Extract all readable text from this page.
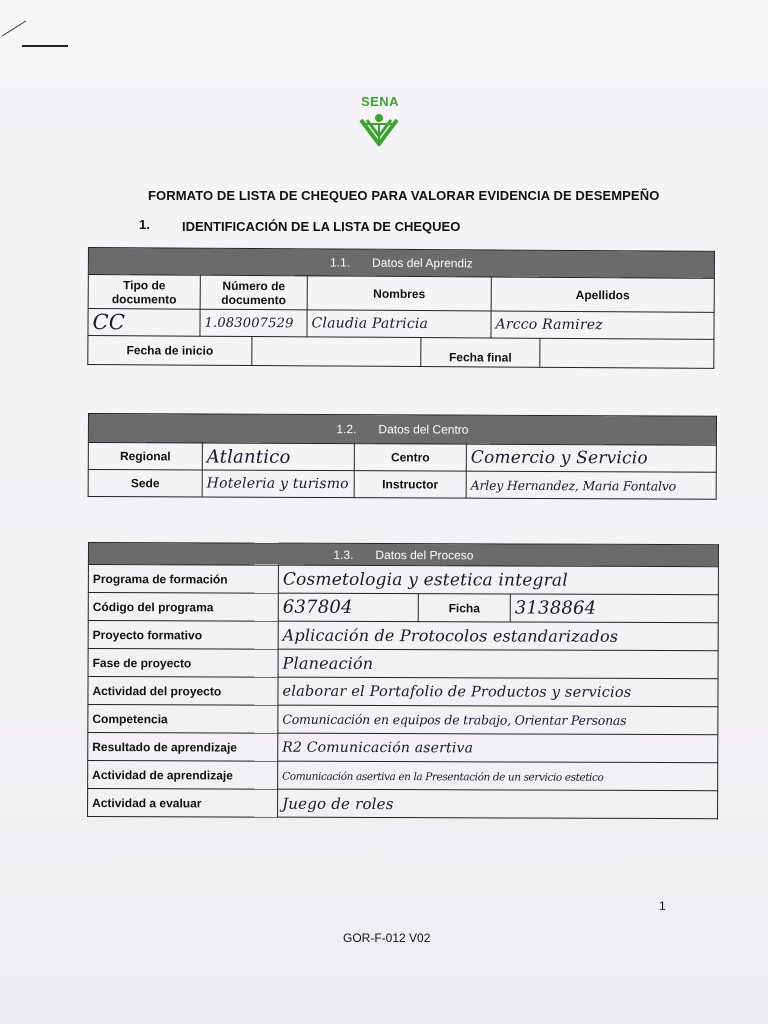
SENA
FORMATO DE LISTA DE CHEQUEO PARA VALORAR EVIDENCIA DE DESEMPEÑO
1. IDENTIFICACIÓN DE LA LISTA DE CHEQUEO
1.1. Datos del Aprendiz
Tipo de documento	Número de documento	Nombres	Apellidos
CC	1.083007529	Claudia Patricia	Arcco Ramirez

Fecha de inicio		Fecha final	
1.2. Datos del Centro			
Regional	Atlantico	Centro	Comercio y Servicio
Sede	Hoteleria y turismo	Instructor	Arley Hernandez, Maria Fontalvo
1.3. Datos del Proceso			
Programa de formación	Cosmetologia y estetica integral		
Código del programa	637804	Ficha	3138864
Proyecto formativo	Aplicación de Protocolos estandarizados		
Fase de proyecto	Planeación		
Actividad del proyecto	elaborar el Portafolio de Productos y servicios		
Competencia	Comunicación en equipos de trabajo, Orientar Personas		
Resultado de aprendizaje	R2 Comunicación asertiva		
Actividad de aprendizaje	Comunicación asertiva en la Presentación de un servicio estetico		
Actividad a evaluar	Juego de roles		
1
GOR-F-012 V02
